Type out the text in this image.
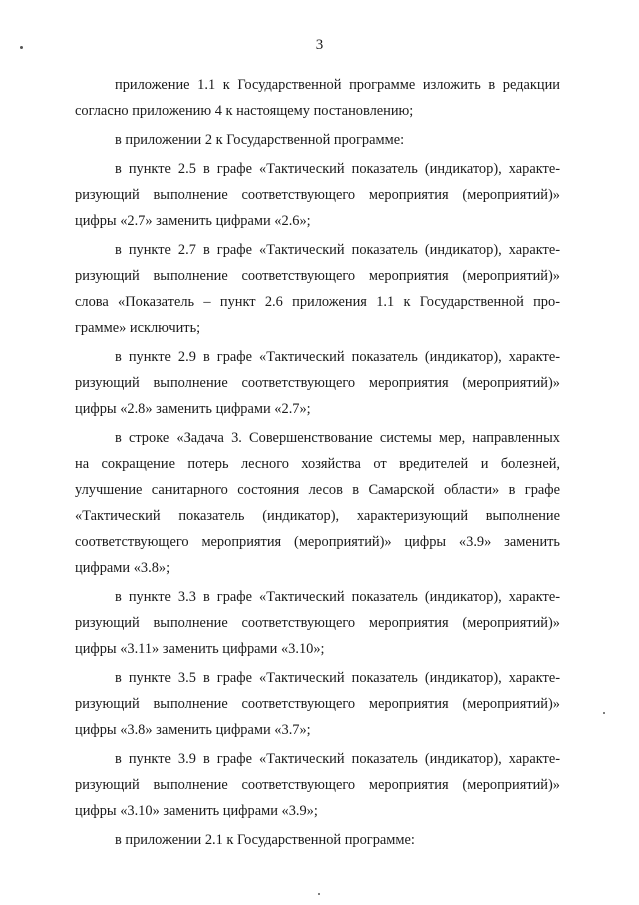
3
приложение 1.1 к Государственной программе изложить в редакции
согласно приложению 4 к настоящему постановлению;
в приложении 2 к Государственной программе:
в пункте 2.5 в графе «Тактический показатель (индикатор), характе-
ризующий выполнение соответствующего мероприятия (мероприятий)»
цифры «2.7» заменить цифрами «2.6»;
в пункте 2.7 в графе «Тактический показатель (индикатор), характе-
ризующий выполнение соответствующего мероприятия (мероприятий)»
слова «Показатель – пункт 2.6 приложения 1.1 к Государственной про-
грамме» исключить;
в пункте 2.9 в графе «Тактический показатель (индикатор), характе-
ризующий выполнение соответствующего мероприятия (мероприятий)»
цифры «2.8» заменить цифрами «2.7»;
в строке «Задача 3. Совершенствование системы мер, направленных
на сокращение потерь лесного хозяйства от вредителей и болезней,
улучшение санитарного состояния лесов в Самарской области» в графе
«Тактический показатель (индикатор), характеризующий выполнение
соответствующего мероприятия (мероприятий)» цифры «3.9» заменить
цифрами «3.8»;
в пункте 3.3 в графе «Тактический показатель (индикатор), характе-
ризующий выполнение соответствующего мероприятия (мероприятий)»
цифры «3.11» заменить цифрами «3.10»;
в пункте 3.5 в графе «Тактический показатель (индикатор), характе-
ризующий выполнение соответствующего мероприятия (мероприятий)»
цифры «3.8» заменить цифрами «3.7»;
в пункте 3.9 в графе «Тактический показатель (индикатор), характе-
ризующий выполнение соответствующего мероприятия (мероприятий)»
цифры «3.10» заменить цифрами «3.9»;
в приложении 2.1 к Государственной программе:
